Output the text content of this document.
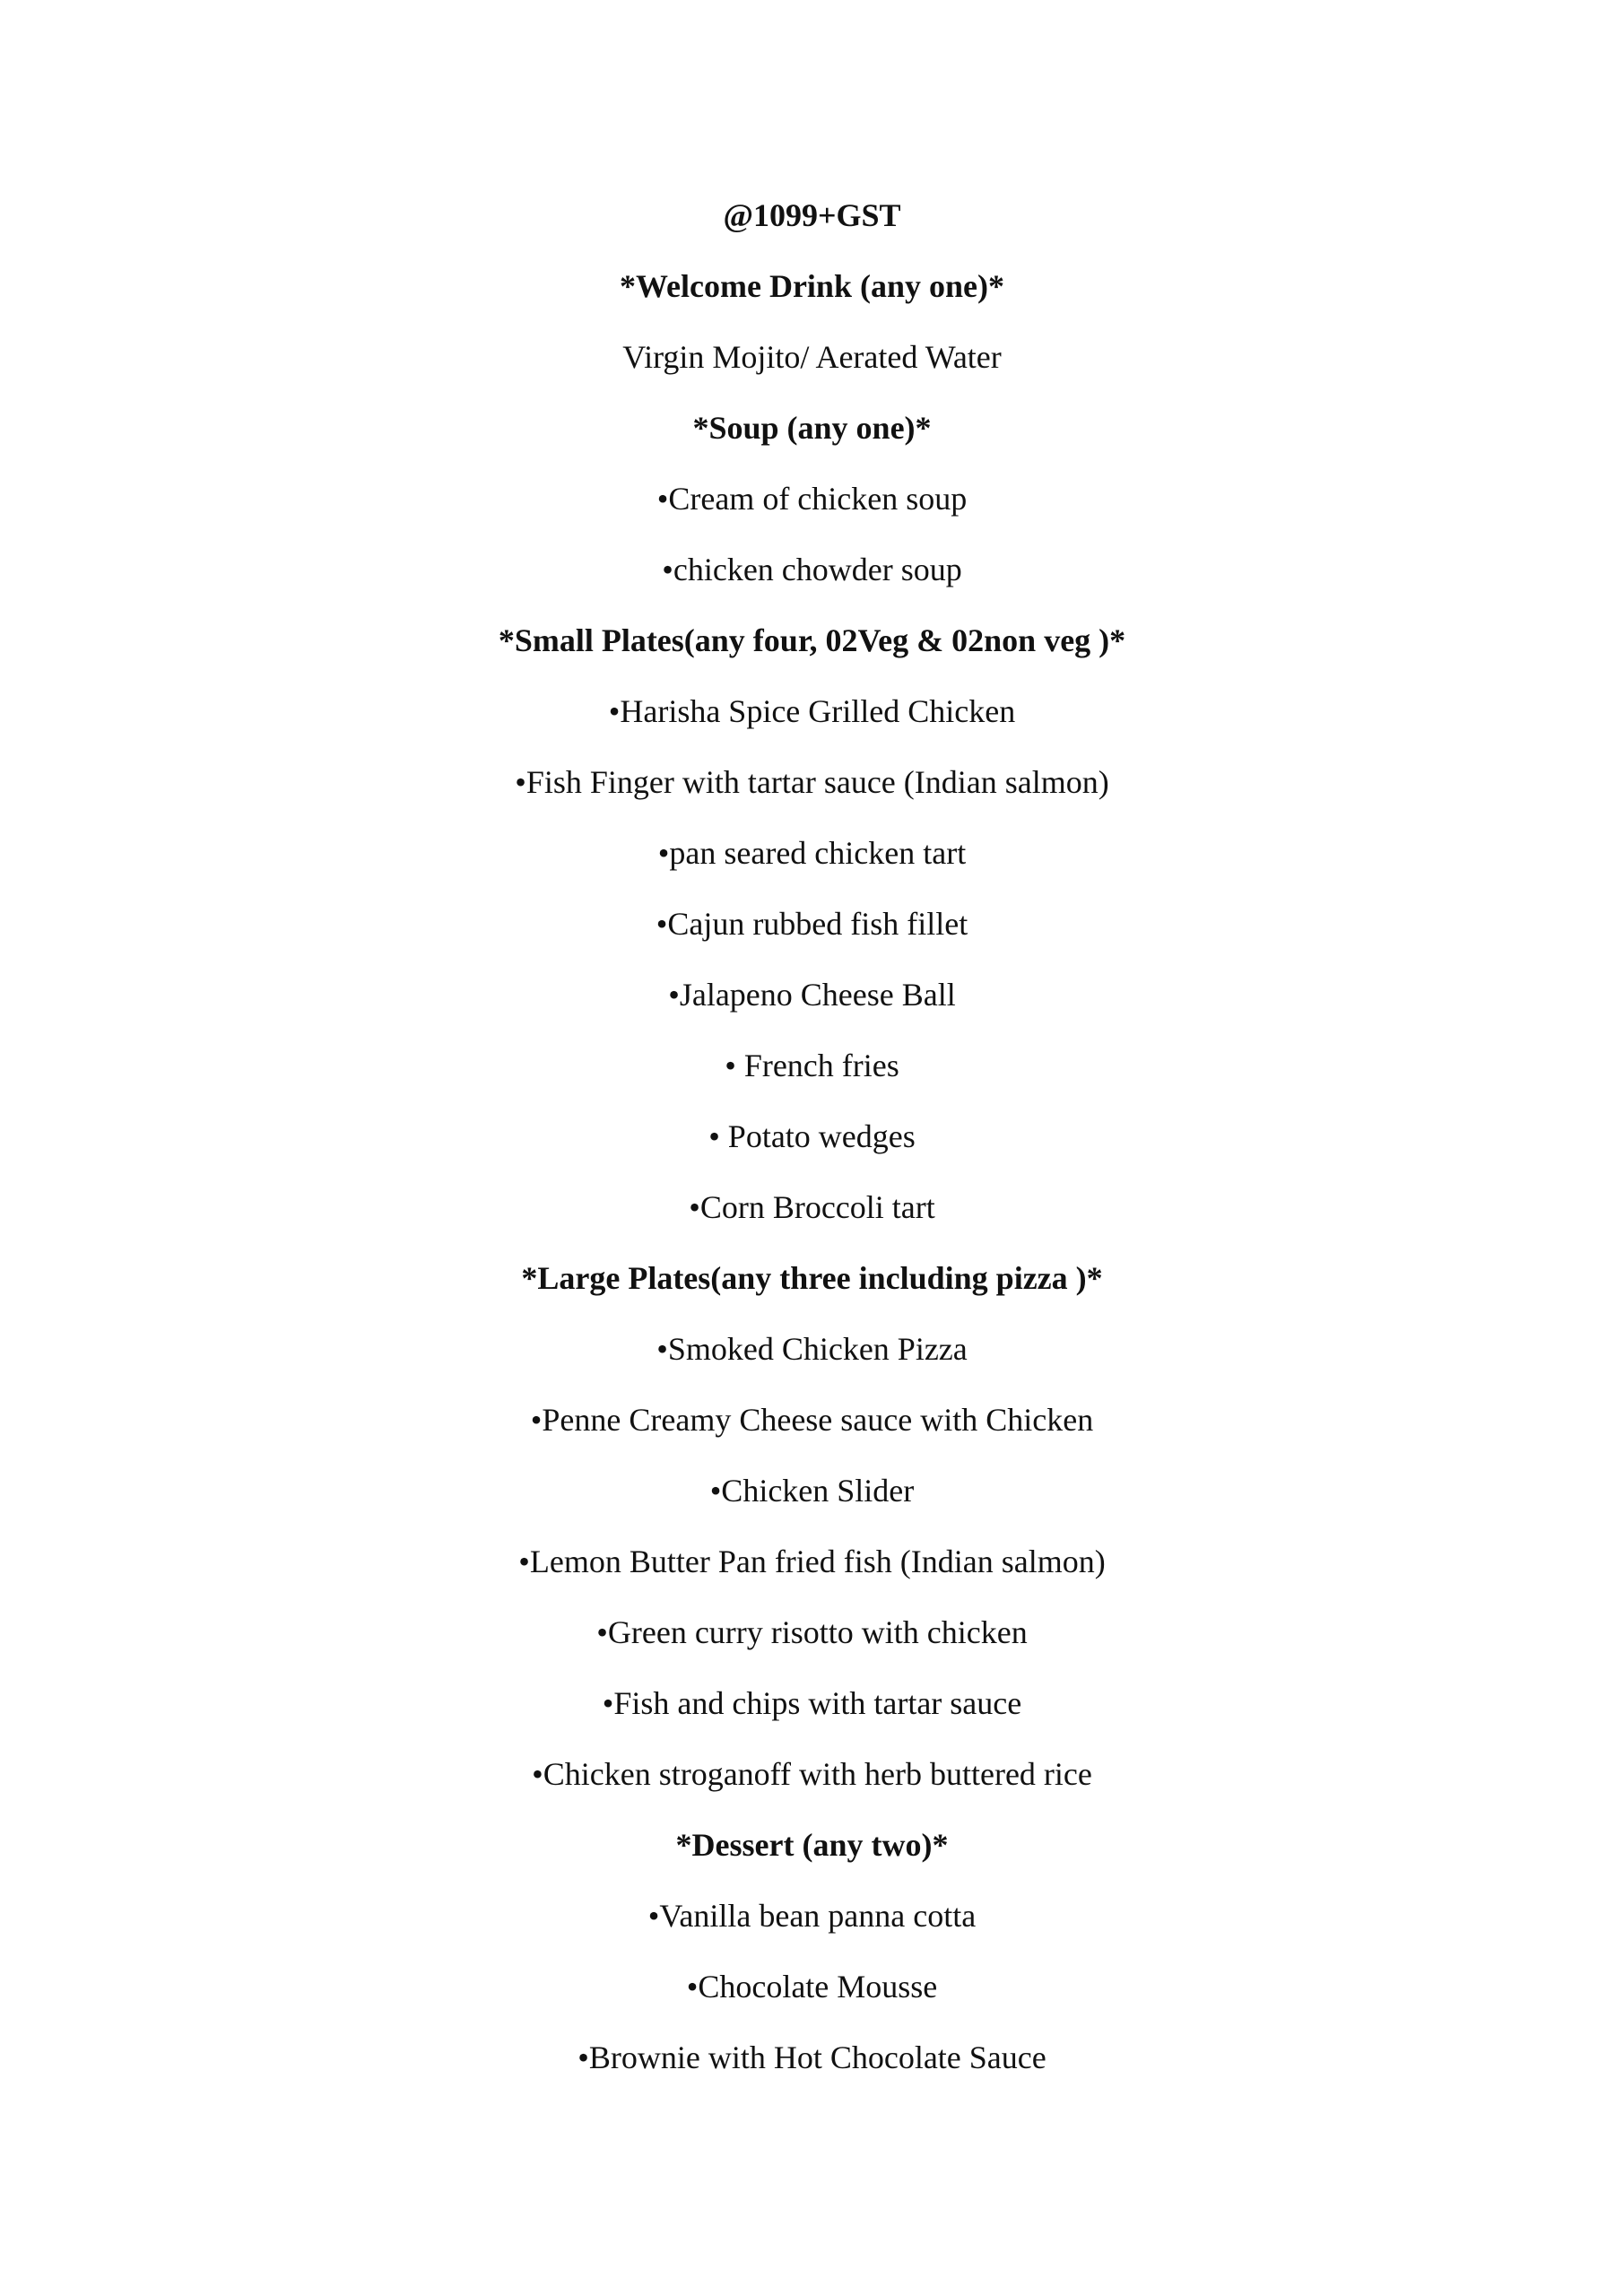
@1099+GST
*Welcome Drink (any one)*
Virgin Mojito/ Aerated Water
*Soup (any one)*
•Cream of chicken soup
•chicken chowder soup
*Small Plates(any four, 02Veg & 02non veg )*
•Harisha Spice Grilled Chicken
•Fish Finger with tartar sauce (Indian salmon)
•pan seared chicken tart
•Cajun rubbed fish fillet
•Jalapeno Cheese Ball
• French fries
• Potato wedges
•Corn Broccoli tart
*Large Plates(any three including pizza )*
•Smoked Chicken Pizza
•Penne Creamy Cheese sauce with Chicken
•Chicken Slider
•Lemon Butter Pan fried fish (Indian salmon)
•Green curry risotto with chicken
•Fish and chips with tartar sauce
•Chicken stroganoff with herb buttered rice
*Dessert (any two)*
•Vanilla bean panna cotta
•Chocolate Mousse
•Brownie with Hot Chocolate Sauce
